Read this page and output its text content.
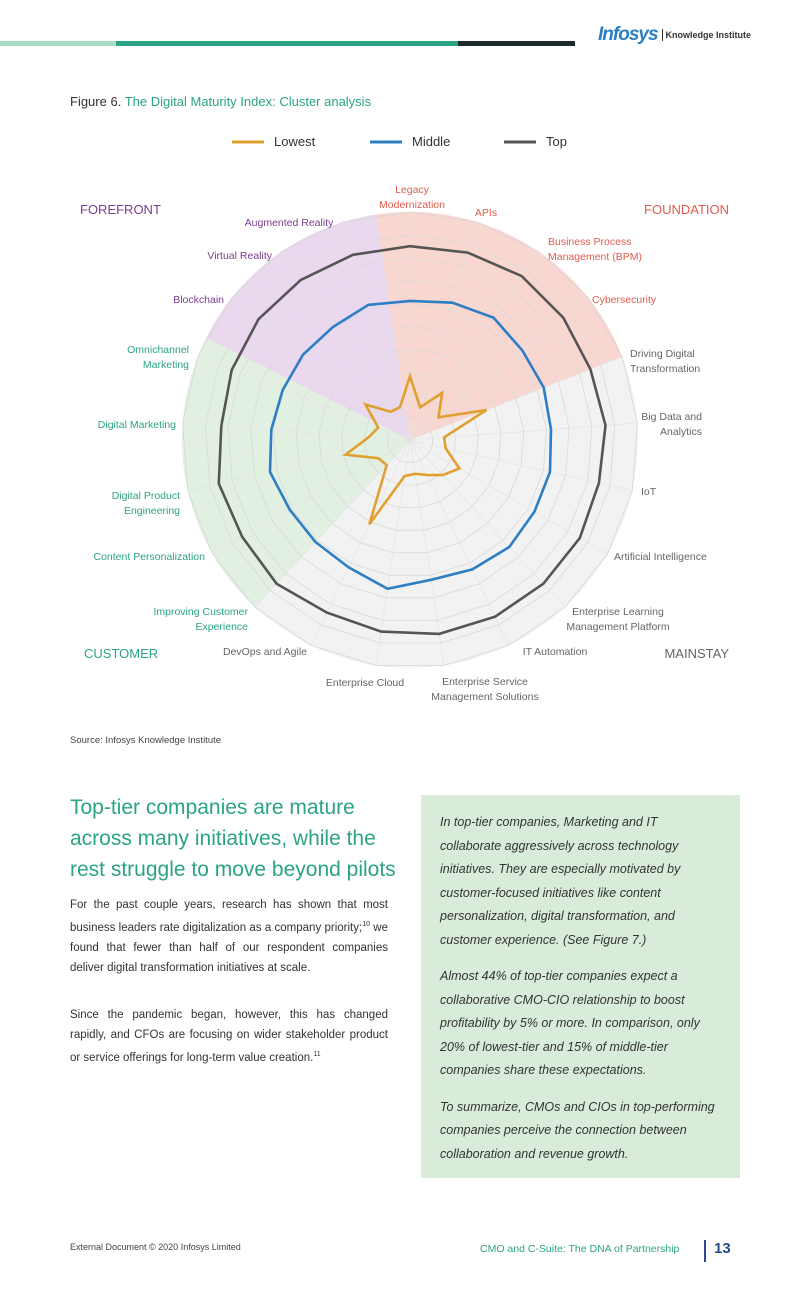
Infosys Knowledge Institute
Figure 6. The Digital Maturity Index: Cluster analysis
Legacy Modernization
APIs
Business Process Management (BPM)
Cybersecurity
Driving Digital Transformation
Big Data and Analytics
IoT
Artificial Intelligence
Enterprise Learning Management Platform
IT Automation
Enterprise Service Management Solutions
Enterprise Cloud
DevOps and Agile
Improving Customer Experience
Content Personalization
Digital Product Engineering
Digital Marketing
Omnichannel Marketing
Blockchain
Virtual Reality
Augmented Reality
FOREFRONT	FOUNDATION
CUSTOMER	MAINSTAY
Lowest	Middle	Top
Source: Infosys Knowledge Institute
Top-tier companies are mature across many initiatives, while the rest struggle to move beyond pilots

For the past couple years, research has shown that most business leaders rate digitalization as a company priority;$^{10}$ we found that fewer than half of our respondent companies deliver digital transformation initiatives at scale.

Since the pandemic began, however, this has changed rapidly, and CFOs are focusing on wider stakeholder product or service offerings for long-term value creation.$^{11}$

In top-tier companies, Marketing and IT collaborate aggressively across technology initiatives. They are especially motivated by customer-focused initiatives like content personalization, digital transformation, and customer experience. (See Figure 7.)

Almost 44% of top-tier companies expect a collaborative CMO-CIO relationship to boost profitability by 5% or more. In comparison, only 20% of lowest-tier and 15% of middle-tier companies share these expectations.

To summarize, CMOs and CIOs in top-performing companies perceive the connection between collaboration and revenue growth.

External Document © 2020 Infosys Limited	CMO and C-Suite: The DNA of Partnership 13
